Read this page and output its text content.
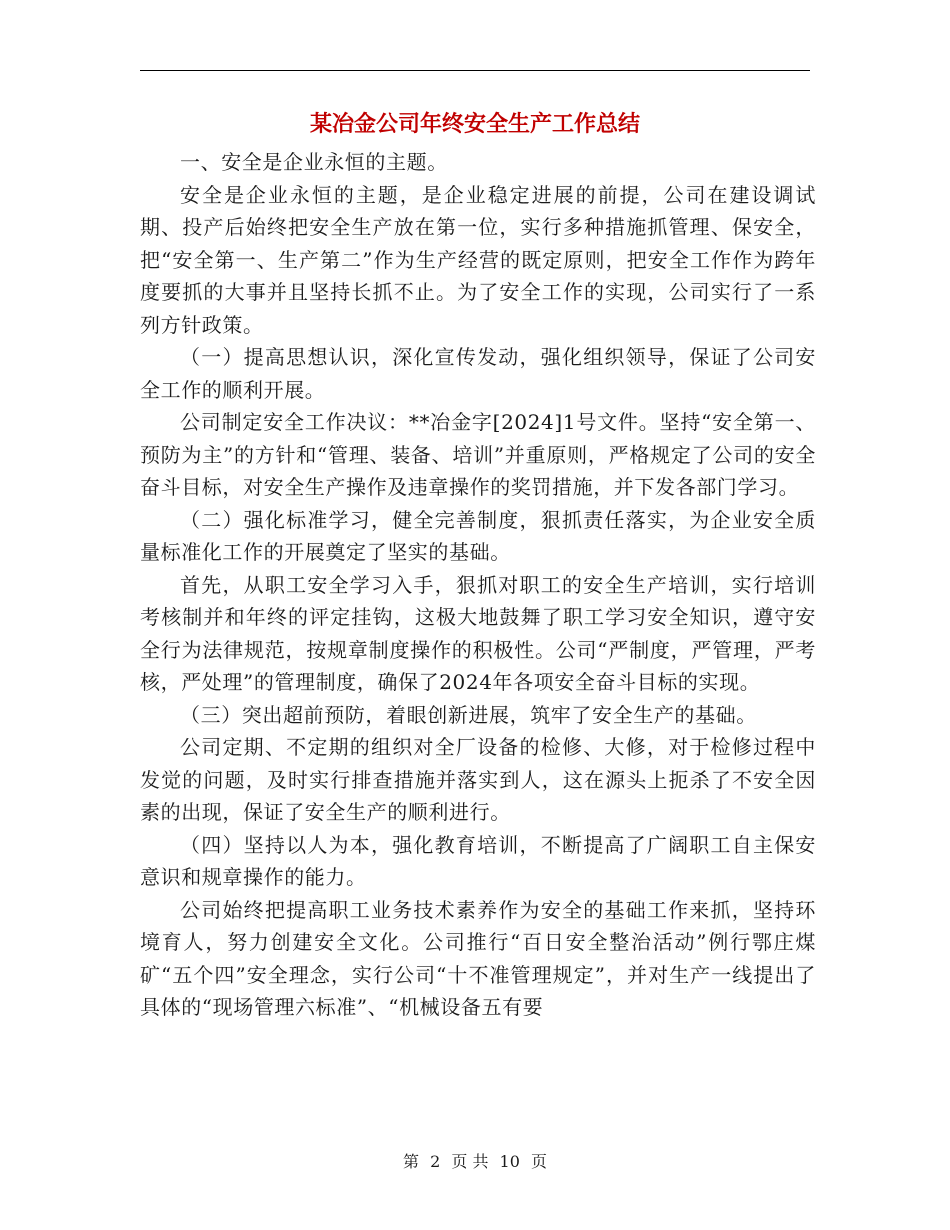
某冶金公司年终安全生产工作总结

一、安全是企业永恒的主题。

安全是企业永恒的主题，是企业稳定进展的前提，公司在建设调试期、投产后始终把安全生产放在第一位，实行多种措施抓管理、保安全，把“安全第一、生产第二”作为生产经营的既定原则，把安全工作作为跨年度要抓的大事并且坚持长抓不止。为了安全工作的实现，公司实行了一系列方针政策。

（一）提高思想认识，深化宣传发动，强化组织领导，保证了公司安全工作的顺利开展。

公司制定安全工作决议：**冶金字[2024]1号文件。坚持“安全第一、预防为主”的方针和“管理、装备、培训”并重原则，严格规定了公司的安全奋斗目标，对安全生产操作及违章操作的奖罚措施，并下发各部门学习。

（二）强化标准学习，健全完善制度，狠抓责任落实，为企业安全质量标准化工作的开展奠定了坚实的基础。

首先，从职工安全学习入手，狠抓对职工的安全生产培训，实行培训考核制并和年终的评定挂钩，这极大地鼓舞了职工学习安全知识，遵守安全行为法律规范，按规章制度操作的积极性。公司“严制度，严管理，严考核，严处理”的管理制度，确保了2024年各项安全奋斗目标的实现。

（三）突出超前预防，着眼创新进展，筑牢了安全生产的基础。

公司定期、不定期的组织对全厂设备的检修、大修，对于检修过程中发觉的问题，及时实行排查措施并落实到人，这在源头上扼杀了不安全因素的出现，保证了安全生产的顺利进行。

（四）坚持以人为本，强化教育培训，不断提高了广阔职工自主保安意识和规章操作的能力。

公司始终把提高职工业务技术素养作为安全的基础工作来抓，坚持环境育人，努力创建安全文化。公司推行“百日安全整治活动”例行鄂庄煤矿“五个四”安全理念，实行公司“十不准管理规定”，并对生产一线提出了具体的“现场管理六标准”、“机械设备五有要

第 2 页 共 10 页
